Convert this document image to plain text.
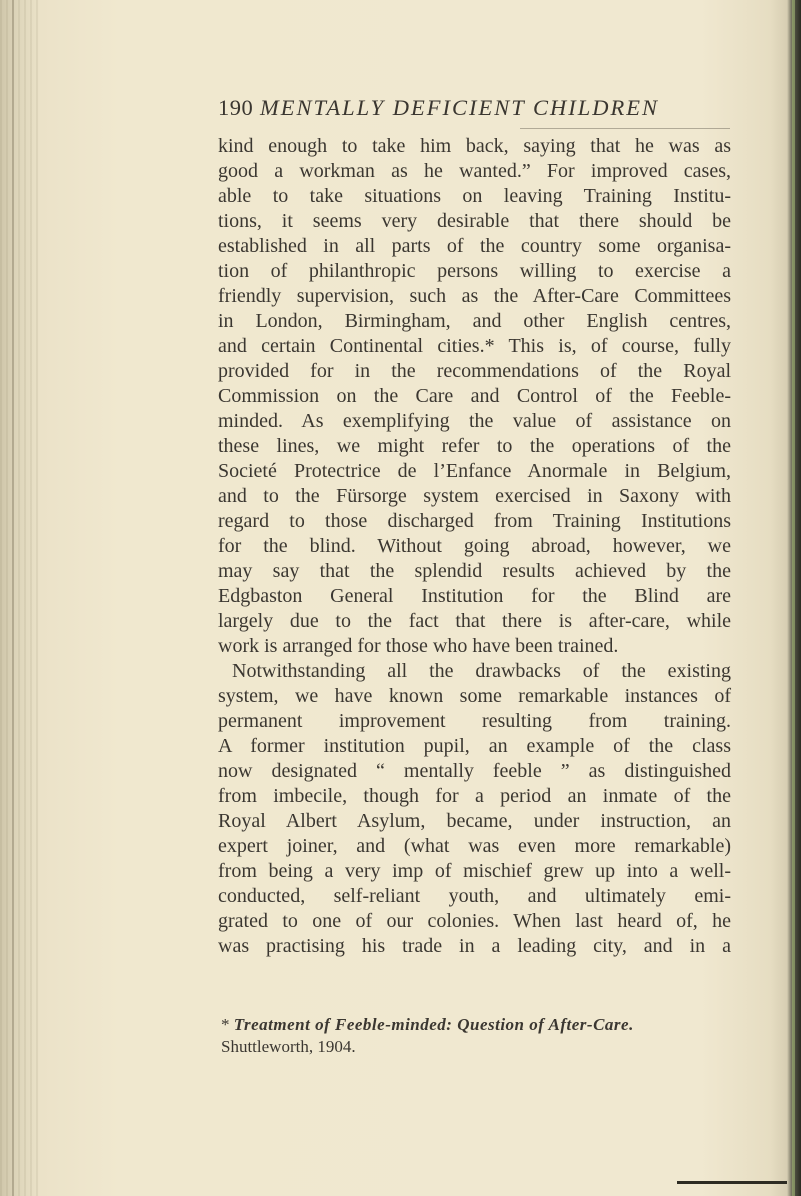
190 MENTALLY DEFICIENT CHILDREN
kind enough to take him back, saying that he was as
good a workman as he wanted.” For improved cases,
able to take situations on leaving Training Institu-
tions, it seems very desirable that there should be
established in all parts of the country some organisa-
tion of philanthropic persons willing to exercise a
friendly supervision, such as the After-Care Committees
in London, Birmingham, and other English centres,
and certain Continental cities.* This is, of course, fully
provided for in the recommendations of the Royal
Commission on the Care and Control of the Feeble-
minded. As exemplifying the value of assistance on
these lines, we might refer to the operations of the
Societé Protectrice de l’Enfance Anormale in Belgium,
and to the Fürsorge system exercised in Saxony with
regard to those discharged from Training Institutions
for the blind. Without going abroad, however, we
may say that the splendid results achieved by the
Edgbaston General Institution for the Blind are
largely due to the fact that there is after-care, while
work is arranged for those who have been trained.
Notwithstanding all the drawbacks of the existing
system, we have known some remarkable instances of
permanent improvement resulting from training.
A former institution pupil, an example of the class
now designated “ mentally feeble ” as distinguished
from imbecile, though for a period an inmate of the
Royal Albert Asylum, became, under instruction, an
expert joiner, and (what was even more remarkable)
from being a very imp of mischief grew up into a well-
conducted, self-reliant youth, and ultimately emi-
grated to one of our colonies. When last heard of, he
was practising his trade in a leading city, and in a
* Treatment of Feeble-minded: Question of After-Care.
Shuttleworth, 1904.
